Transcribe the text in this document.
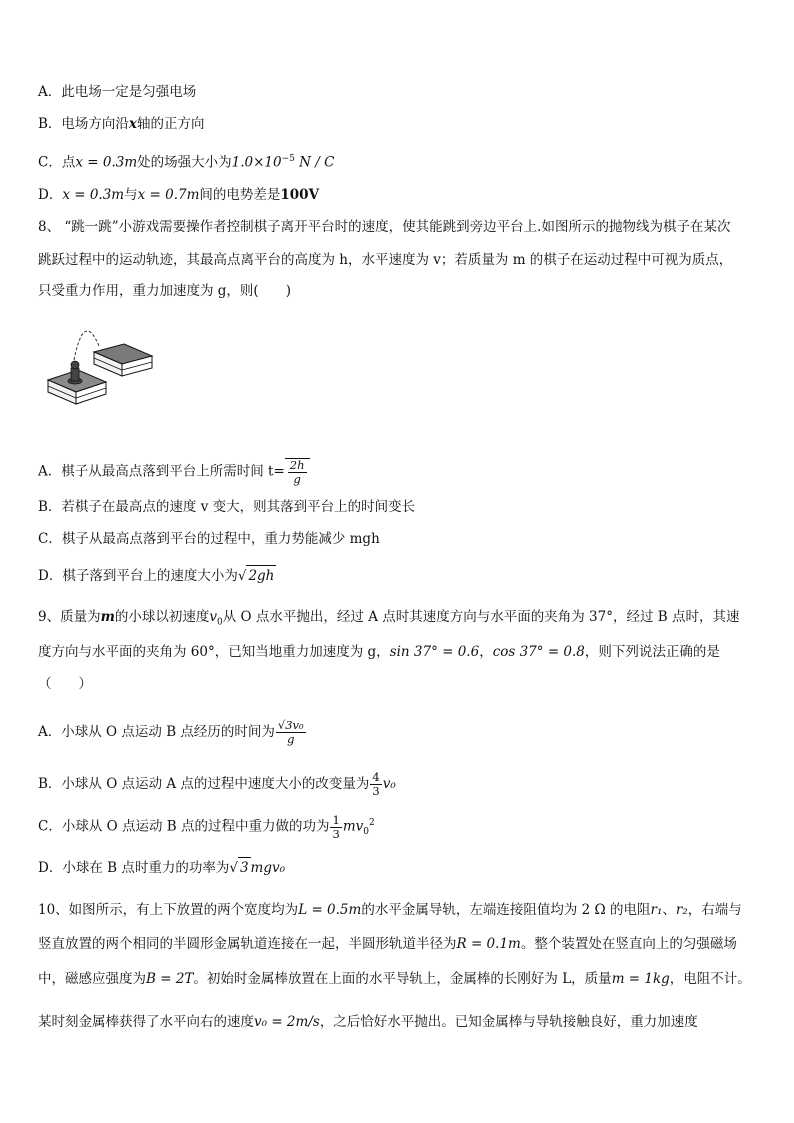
A．此电场一定是匀强电场
B．电场方向沿x轴的正方向
C．点x = 0.3m处的场强大小为$1.0\times 10^{-5}$ N / C
D．x = 0.3m与x = 0.7m间的电势差是100V
8、 “跳一跳”小游戏需要操作者控制棋子离开平台时的速度，使其能跳到旁边平台上.如图所示的抛物线为棋子在某次
跳跃过程中的运动轨迹，其最高点离平台的高度为 h，水平速度为 v；若质量为 m 的棋子在运动过程中可视为质点，
只受重力作用，重力加速度为 g，则(　　)
A．棋子从最高点落到平台上所需时间 $t= \frac{2h}{g}$
B．若棋子在最高点的速度 v 变大，则其落到平台上的时间变长
C．棋子从最高点落到平台的过程中，重力势能减少 mgh
D．棋子落到平台上的速度大小为√ 2gh
9、质量为m的小球以初速度$v_0$从 O 点水平抛出，经过 A 点时其速度方向与水平面的夹角为 37°，经过 B 点时，其速
度方向与水平面的夹角为 60°，已知当地重力加速度为 g，sin 37° = 0.6，cos 37° = 0.8，则下列说法正确的是
（　　）
A．小球从 O 点运动 B 点经历的时间为 $\frac{\text{√3v₀}}{g}$
B．小球从 O 点运动 A 点的过程中速度大小的改变量为 $\frac{4}{3} v_0$
C．小球从 O 点运动 B 点的过程中重力做的功为 $\frac{1}{3} mv_0^2$
D．小球在 B 点时重力的功率为√ 3 mgv₀
10、如图所示，有上下放置的两个宽度均为L = 0.5m的水平金属导轨，左端连接阻值均为 2 Ω 的电阻r₁、r₂，右端与
竖直放置的两个相同的半圆形金属轨道连接在一起，半圆形轨道半径为R = 0.1m。整个装置处在竖直向上的匀强磁场
中，磁感应强度为B = 2T。初始时金属棒放置在上面的水平导轨上，金属棒的长刚好为 L，质量m = 1kg，电阻不计。
某时刻金属棒获得了水平向右的速度v₀ = 2m/s，之后恰好水平抛出。已知金属棒与导轨接触良好，重力加速度
